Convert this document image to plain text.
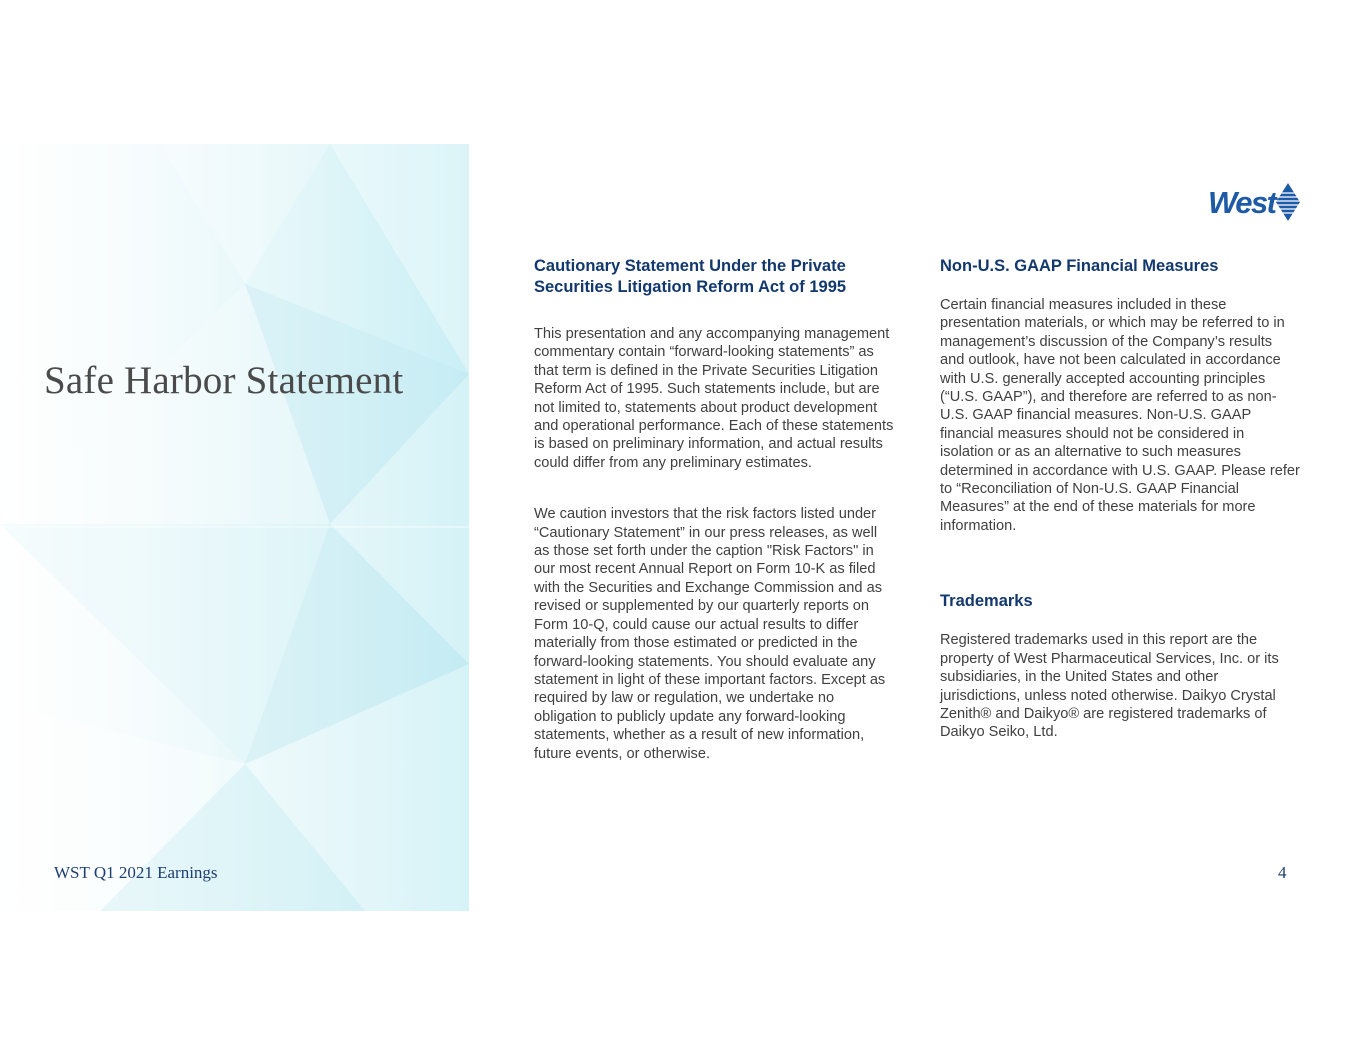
Safe Harbor Statement
West
Cautionary Statement Under the Private Securities Litigation Reform Act of 1995

This presentation and any accompanying management commentary contain “forward-looking statements” as that term is defined in the Private Securities Litigation Reform Act of 1995. Such statements include, but are not limited to, statements about product development and operational performance. Each of these statements is based on preliminary information, and actual results could differ from any preliminary estimates.

We caution investors that the risk factors listed under “Cautionary Statement” in our press releases, as well as those set forth under the caption "Risk Factors" in our most recent Annual Report on Form 10-K as filed with the Securities and Exchange Commission and as revised or supplemented by our quarterly reports on Form 10-Q, could cause our actual results to differ materially from those estimated or predicted in the forward-looking statements. You should evaluate any statement in light of these important factors. Except as required by law or regulation, we undertake no obligation to publicly update any forward-looking statements, whether as a result of new information, future events, or otherwise.

Non-U.S. GAAP Financial Measures

Certain financial measures included in these presentation materials, or which may be referred to in management’s discussion of the Company’s results and outlook, have not been calculated in accordance with U.S. generally accepted accounting principles (“U.S. GAAP”), and therefore are referred to as non-U.S. GAAP financial measures. Non-U.S. GAAP financial measures should not be considered in isolation or as an alternative to such measures determined in accordance with U.S. GAAP. Please refer to “Reconciliation of Non-U.S. GAAP Financial Measures” at the end of these materials for more information.

Trademarks

Registered trademarks used in this report are the property of West Pharmaceutical Services, Inc. or its subsidiaries, in the United States and other jurisdictions, unless noted otherwise. Daikyo Crystal Zenith® and Daikyo® are registered trademarks of Daikyo Seiko, Ltd.

WST Q1 2021 Earnings	4
